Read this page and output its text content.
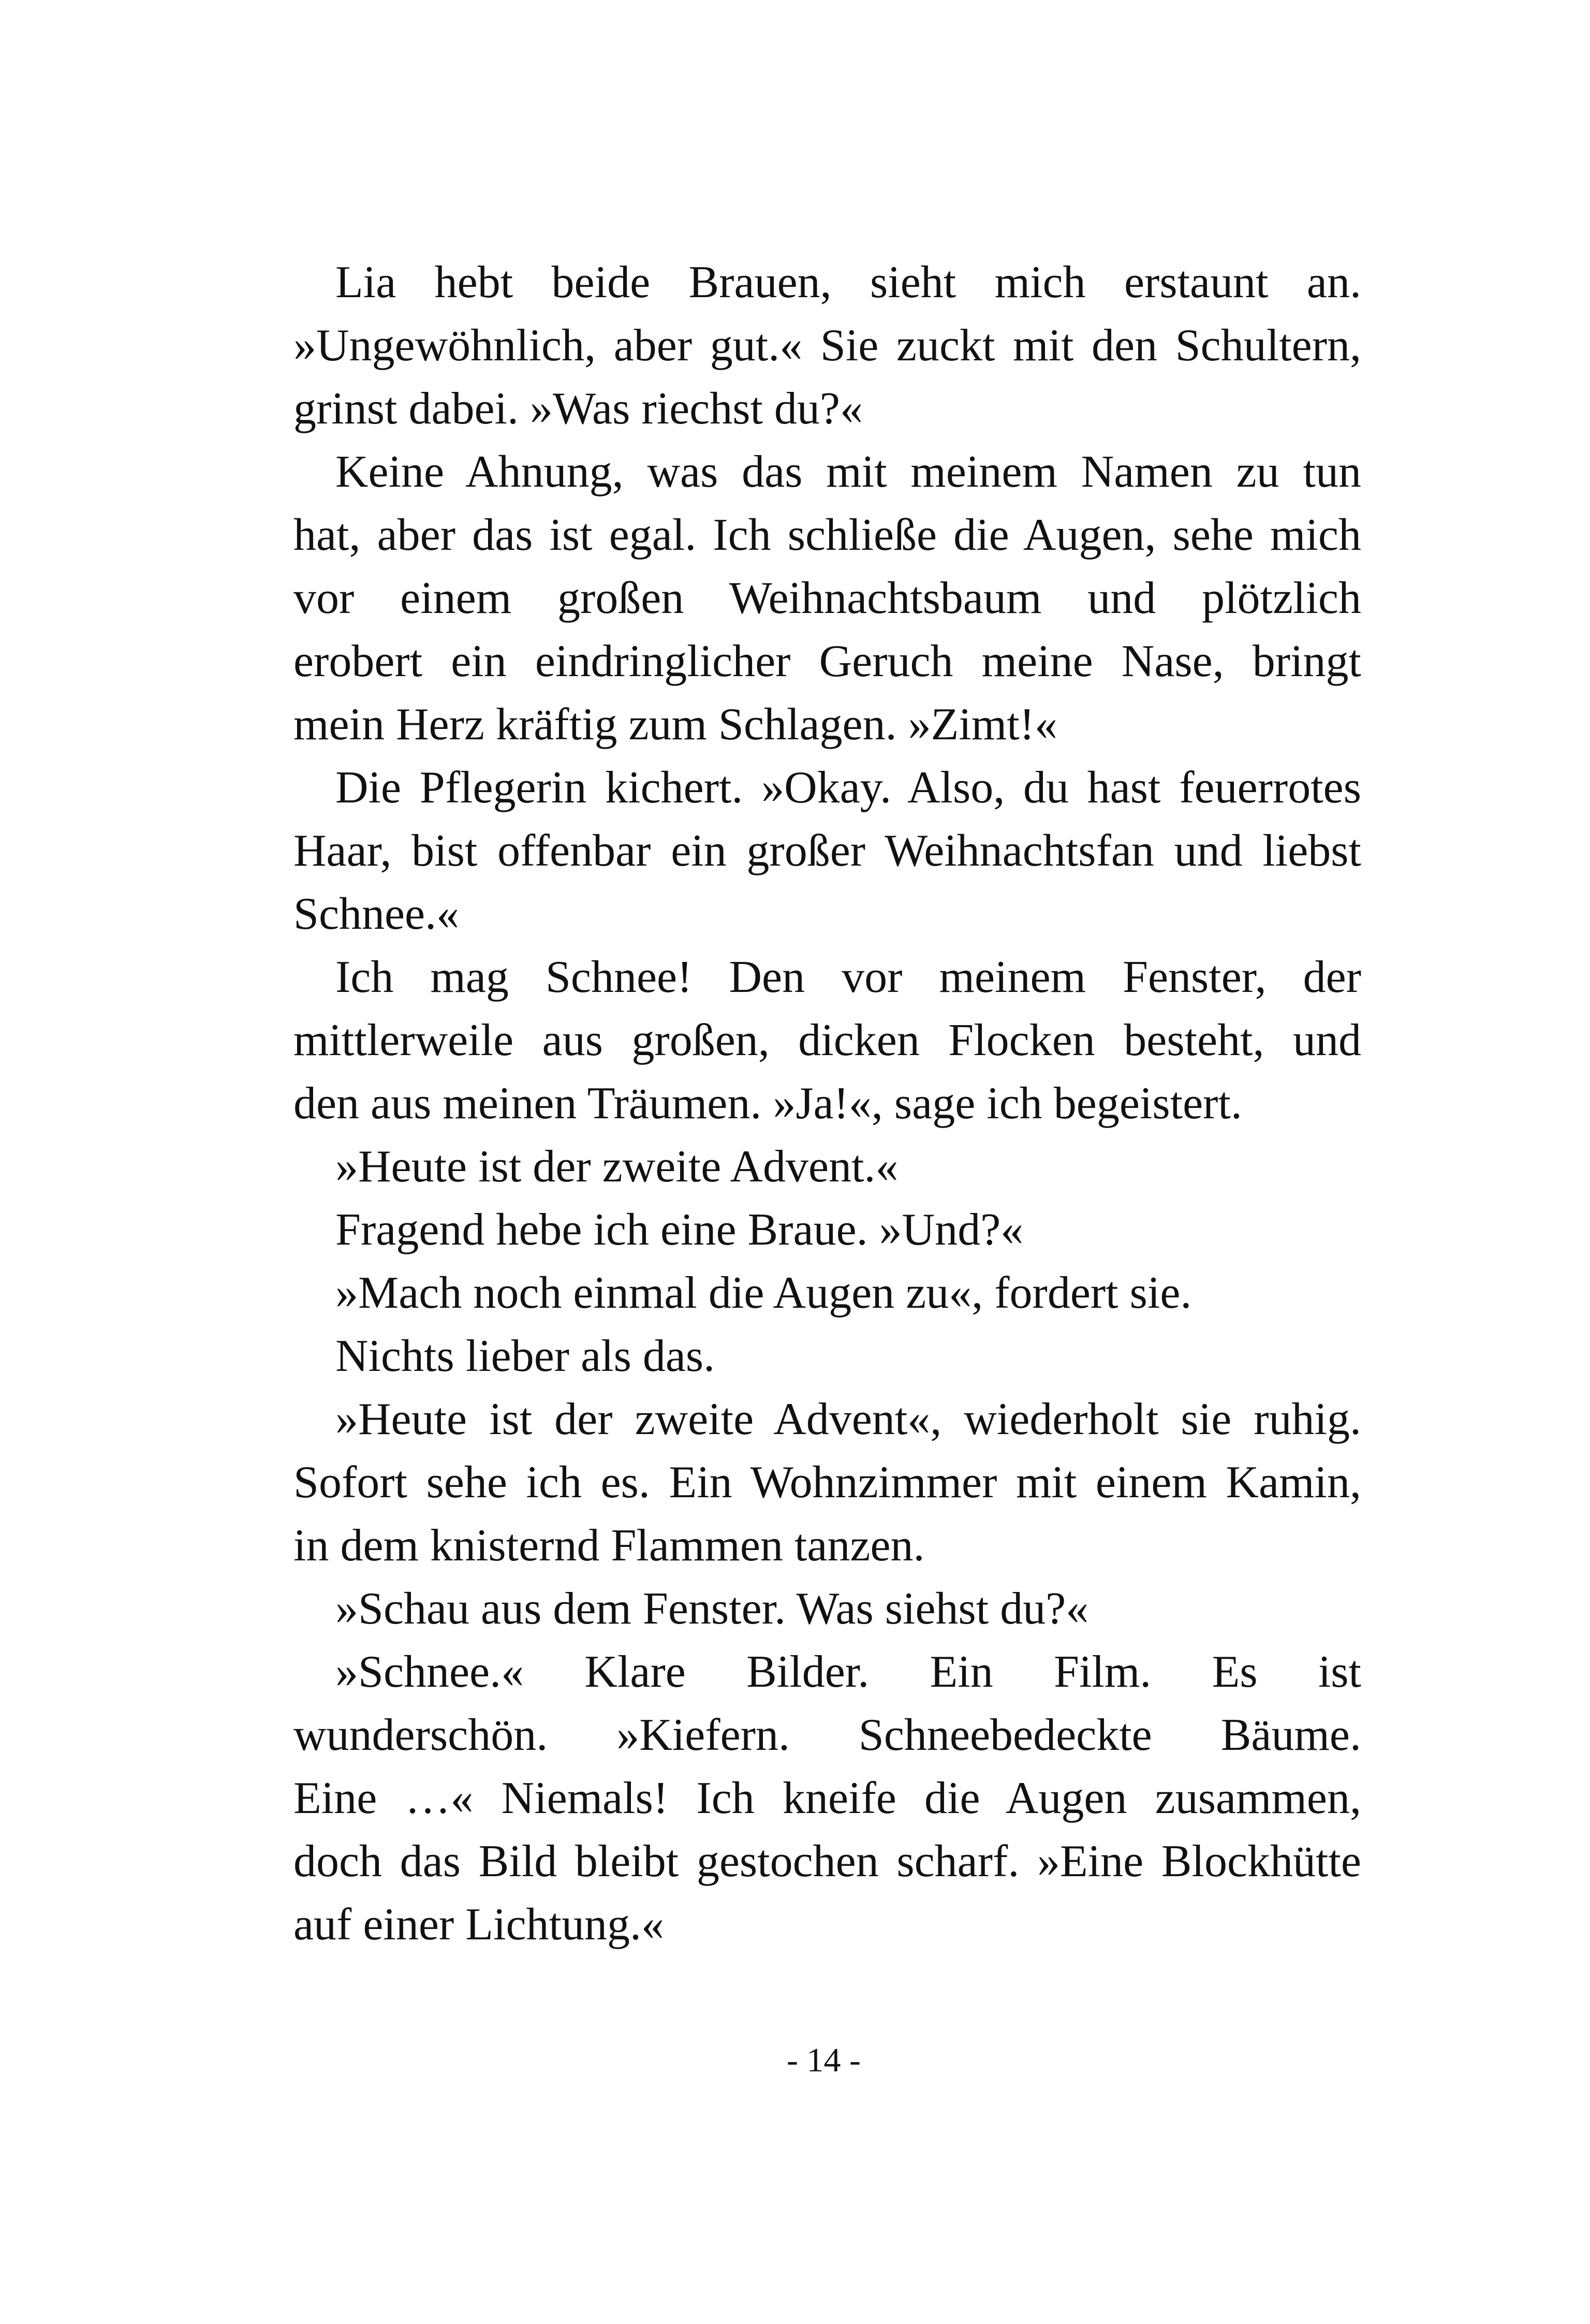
Lia hebt beide Brauen, sieht mich erstaunt an.
»Ungewöhnlich, aber gut.« Sie zuckt mit den Schultern,
grinst dabei. »Was riechst du?«
Keine Ahnung, was das mit meinem Namen zu tun
hat, aber das ist egal. Ich schließe die Augen, sehe mich
vor einem großen Weihnachtsbaum und plötzlich
erobert ein eindringlicher Geruch meine Nase, bringt
mein Herz kräftig zum Schlagen. »Zimt!«
Die Pflegerin kichert. »Okay. Also, du hast feuerrotes
Haar, bist offenbar ein großer Weihnachtsfan und liebst
Schnee.«
Ich mag Schnee! Den vor meinem Fenster, der
mittlerweile aus großen, dicken Flocken besteht, und
den aus meinen Träumen. »Ja!«, sage ich begeistert.
»Heute ist der zweite Advent.«
Fragend hebe ich eine Braue. »Und?«
»Mach noch einmal die Augen zu«, fordert sie.
Nichts lieber als das.
»Heute ist der zweite Advent«, wiederholt sie ruhig.
Sofort sehe ich es. Ein Wohnzimmer mit einem Kamin,
in dem knisternd Flammen tanzen.
»Schau aus dem Fenster. Was siehst du?«
»Schnee.« Klare Bilder. Ein Film. Es ist
wunderschön. »Kiefern. Schneebedeckte Bäume.
Eine …« Niemals! Ich kneife die Augen zusammen,
doch das Bild bleibt gestochen scharf. »Eine Blockhütte
auf einer Lichtung.«
- 14 -
